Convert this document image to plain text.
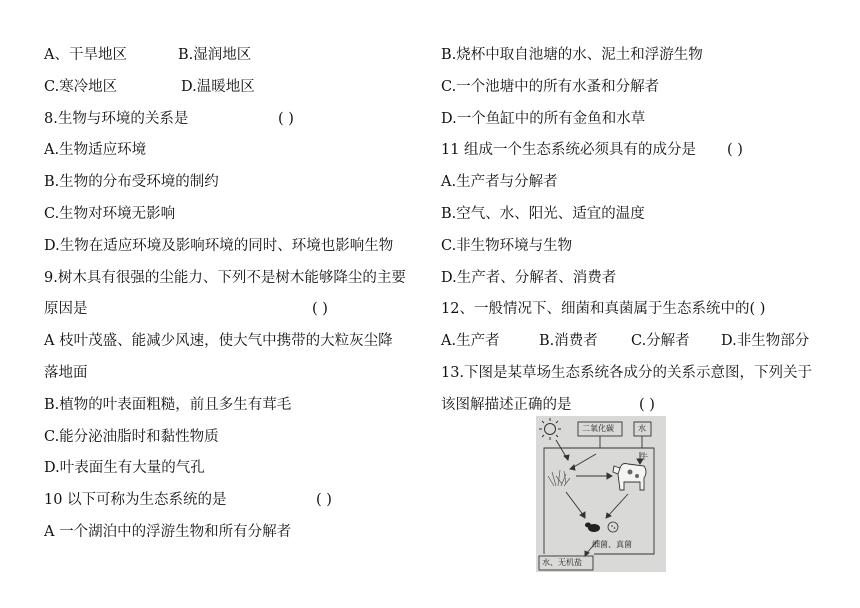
A、干旱地区	B.湿润地区
C.寒冷地区	D.温暖地区
8.生物与环境的关系是	( )
A.生物适应环境
B.生物的分布受环境的制约
C.生物对环境无影响
D.生物在适应环境及影响环境的同时、环境也影响生物
9.树木具有很强的尘能力、下列不是树木能够降尘的主要
原因是	( )
A 枝叶茂盛、能减少风速，使大气中携带的大粒灰尘降
落地面
B.植物的叶表面粗糙，前且多生有茸毛
C.能分泌油脂时和黏性物质
D.叶表面生有大量的气孔
10 以下可称为生态系统的是	( )
A 一个湖泊中的浮游生物和所有分解者
B.烧杯中取自池塘的水、泥土和浮游生物
C.一个池塘中的所有水蚤和分解者
D.一个鱼缸中的所有金鱼和水草
11 组成一个生态系统必须具有的成分是 ( )
A.生产者与分解者
B.空气、水、阳光、适宜的温度
C.非生物环境与生物
D.生产者、分解者、消费者
12、一般情况下、细菌和真菌属于生态系统中的( )
A.生产者	B.消费者 C.分解者 D.非生物部分
13.下图是某草场生态系统各成分的关系示意图，下列关于
该图解描述正确的是	( )
二氧化碳	水
牛
细菌、真菌
水、无机盐
